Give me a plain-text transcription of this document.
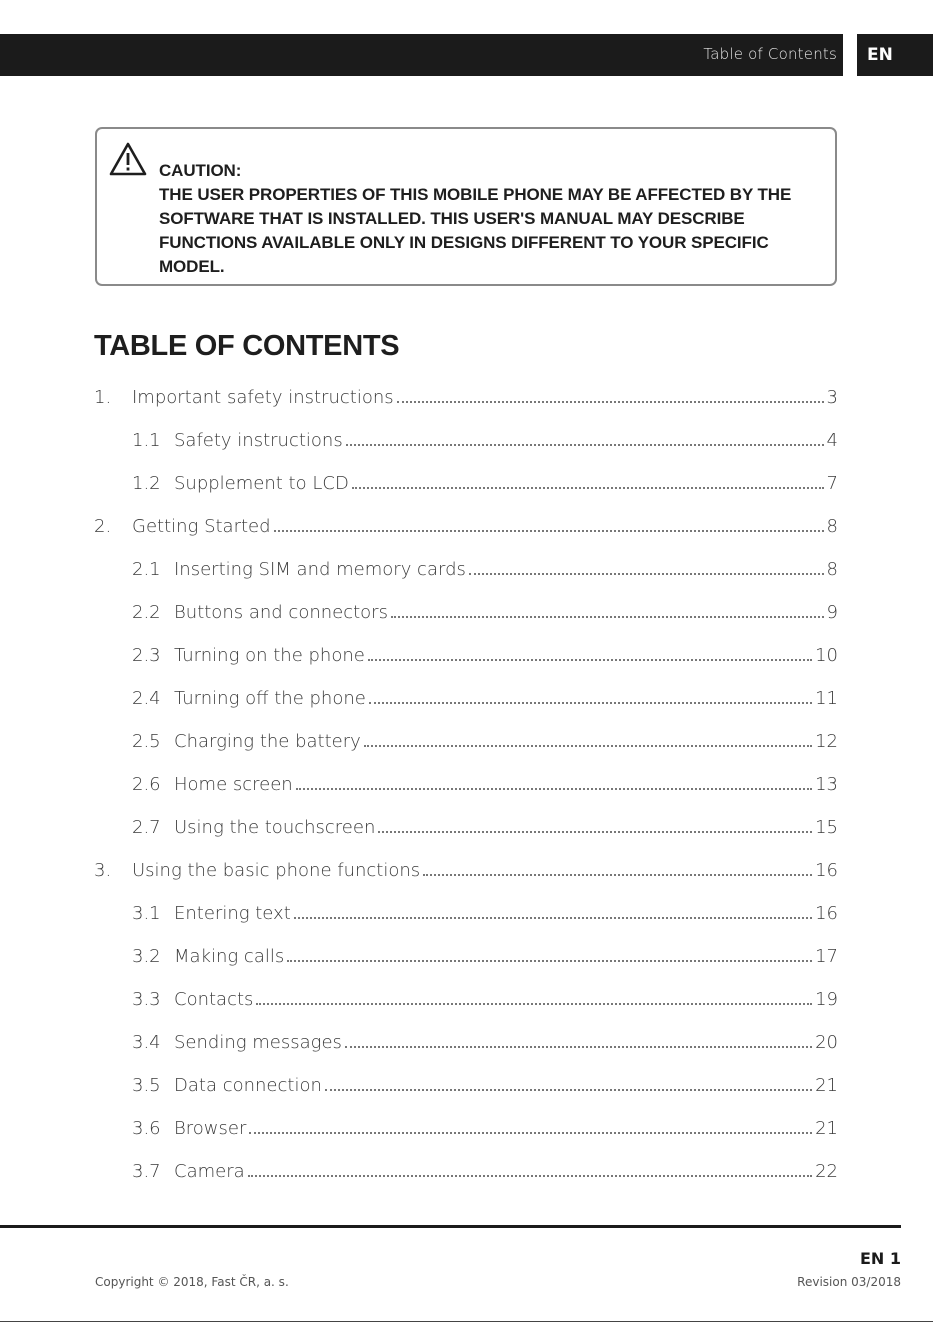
Table of Contents	EN
CAUTION:
THE USER PROPERTIES OF THIS MOBILE PHONE MAY BE AFFECTED BY THE SOFTWARE THAT IS INSTALLED. THIS USER'S MANUAL MAY DESCRIBE FUNCTIONS AVAILABLE ONLY IN DESIGNS DIFFERENT TO YOUR SPECIFIC MODEL.
TABLE OF CONTENTS
1.	Important safety instructions	3
1.1 Safety instructions	4
1.2 Supplement to LCD	7
2.	Getting Started	8
2.1 Inserting SIM and memory cards	8
2.2 Buttons and connectors	9
2.3 Turning on the phone	10
2.4 Turning off the phone	11
2.5 Charging the battery	12
2.6 Home screen	13
2.7 Using the touchscreen	15
3.	Using the basic phone functions	16
3.1 Entering text	16
3.2 Making calls	17
3.3 Contacts	19
3.4 Sending messages	20
3.5 Data connection	21
3.6 Browser	21
3.7 Camera	22
EN 1
Copyright © 2018, Fast ČR, a. s.	Revision 03/2018
